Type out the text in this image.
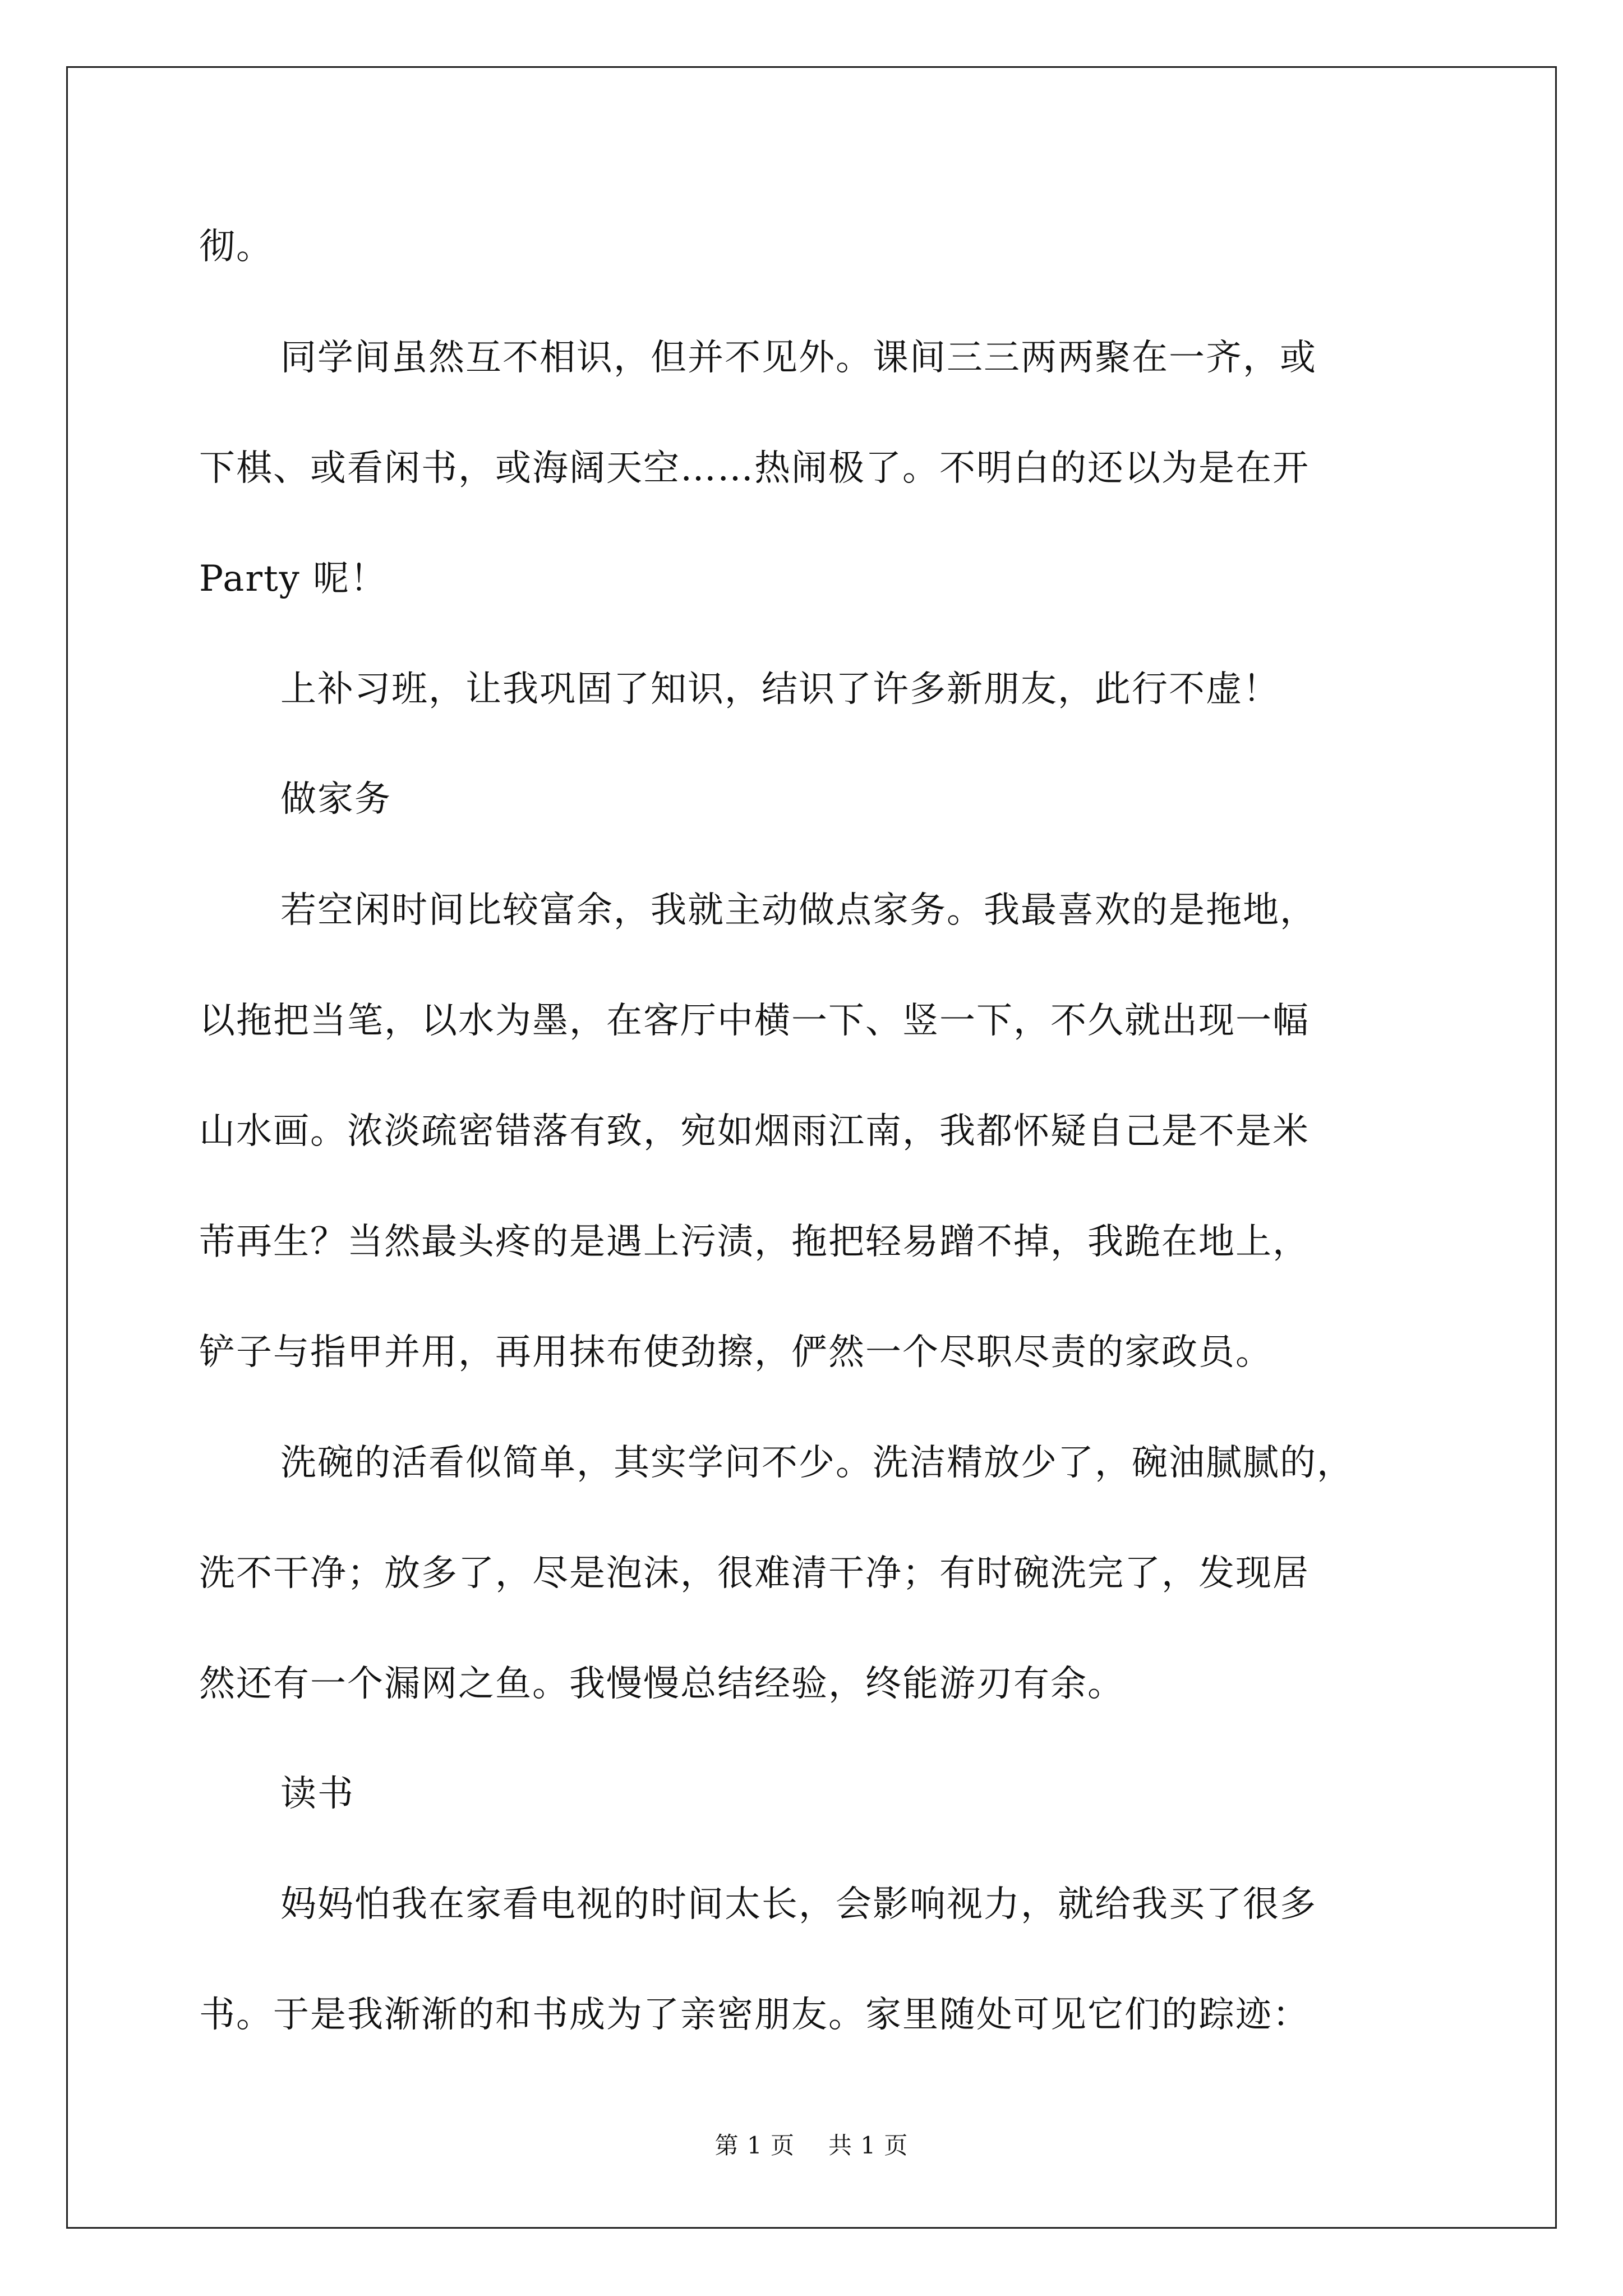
彻。

同学间虽然互不相识，但并不见外。课间三三两两聚在一齐，或

下棋、或看闲书，或海阔天空……热闹极了。不明白的还以为是在开

Party 呢！

上补习班，让我巩固了知识，结识了许多新朋友，此行不虚！

做家务

若空闲时间比较富余，我就主动做点家务。我最喜欢的是拖地，

以拖把当笔，以水为墨，在客厅中横一下、竖一下，不久就出现一幅

山水画。浓淡疏密错落有致，宛如烟雨江南，我都怀疑自己是不是米

芾再生？当然最头疼的是遇上污渍，拖把轻易蹭不掉，我跪在地上，

铲子与指甲并用，再用抹布使劲擦，俨然一个尽职尽责的家政员。

洗碗的活看似简单，其实学问不少。洗洁精放少了，碗油腻腻的，

洗不干净；放多了，尽是泡沫，很难清干净；有时碗洗完了，发现居

然还有一个漏网之鱼。我慢慢总结经验，终能游刃有余。

读书

妈妈怕我在家看电视的时间太长，会影响视力，就给我买了很多

书。于是我渐渐的和书成为了亲密朋友。家里随处可见它们的踪迹：

第 1 页 共 1 页
